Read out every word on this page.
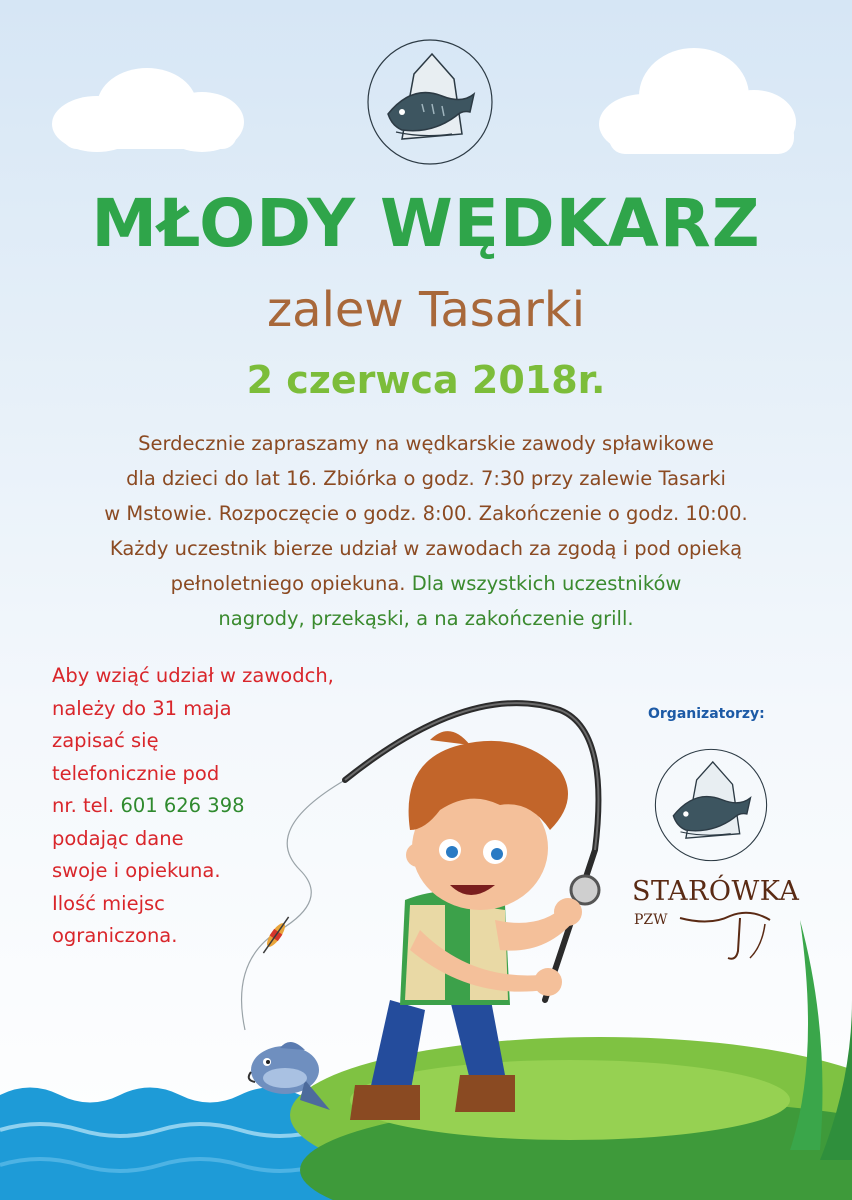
MŁODY WĘDKARZ
zalew Tasarki
2 czerwca 2018r.
Serdecznie zapraszamy na wędkarskie zawody spławikowe
dla dzieci do lat 16. Zbiórka o godz. 7:30 przy zalewie Tasarki
w Mstowie. Rozpoczęcie o godz. 8:00. Zakończenie o godz. 10:00.
Każdy uczestnik bierze udział w zawodach za zgodą i pod opieką
pełnoletniego opiekuna. Dla wszystkich uczestników
nagrody, przekąski, a na zakończenie grill.
Aby wziąć udział w zawodch,
należy do 31 maja
zapisać się
telefonicznie pod
nr. tel. 601 626 398
podając dane
swoje i opiekuna.
Ilość miejsc
ograniczona.
Organizatorzy:
STARÓWKA
PZW
